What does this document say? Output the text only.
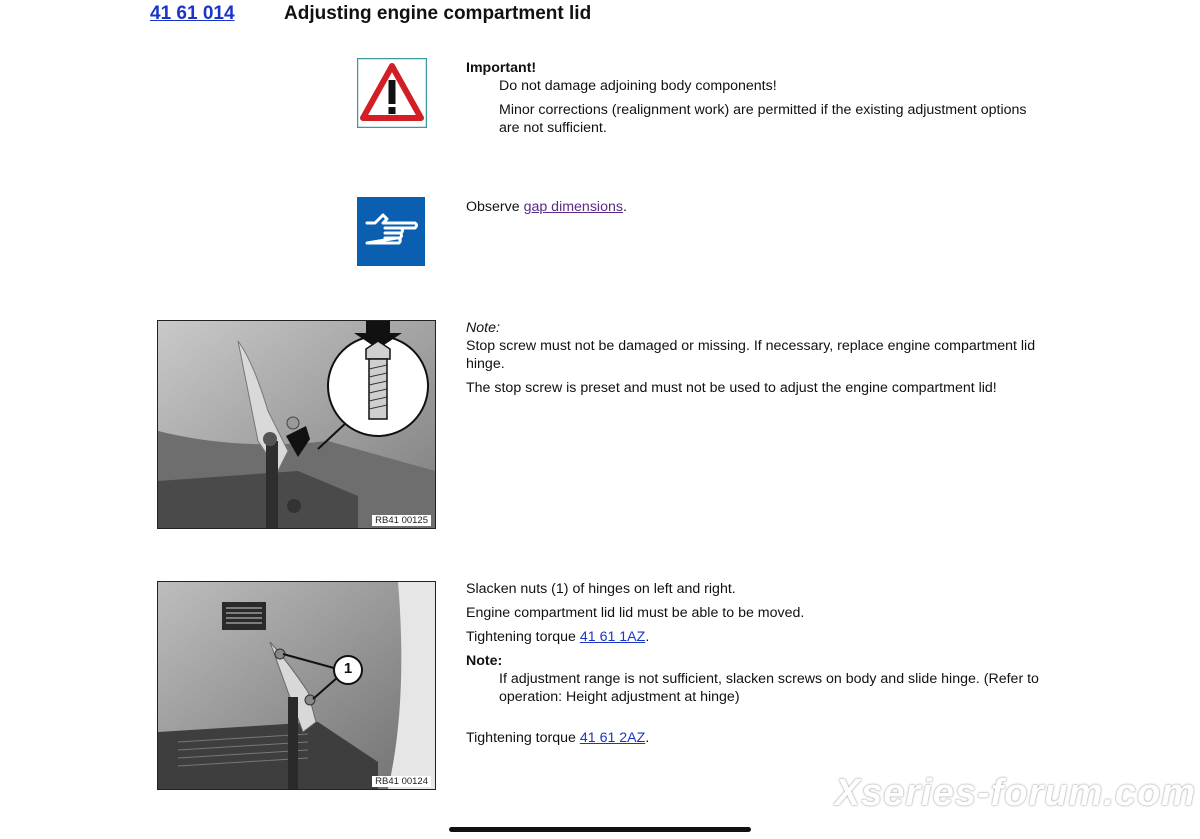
41 61 014	Adjusting engine compartment lid
Important!
Do not damage adjoining body components!
Minor corrections (realignment work) are permitted if the existing adjustment options
are not sufficient.
Observe gap dimensions.
RB41 00125
Note:
Stop screw must not be damaged or missing. If necessary, replace engine compartment lid
hinge.
The stop screw is preset and must not be used to adjust the engine compartment lid!
1
RB41 00124
Slacken nuts (1) of hinges on left and right.
Engine compartment lid lid must be able to be moved.
Tightening torque 41 61 1AZ.
Note:
If adjustment range is not sufficient, slacken screws on body and slide hinge. (Refer to
operation: Height adjustment at hinge)
Tightening torque 41 61 2AZ.
Xseries-forum.com
